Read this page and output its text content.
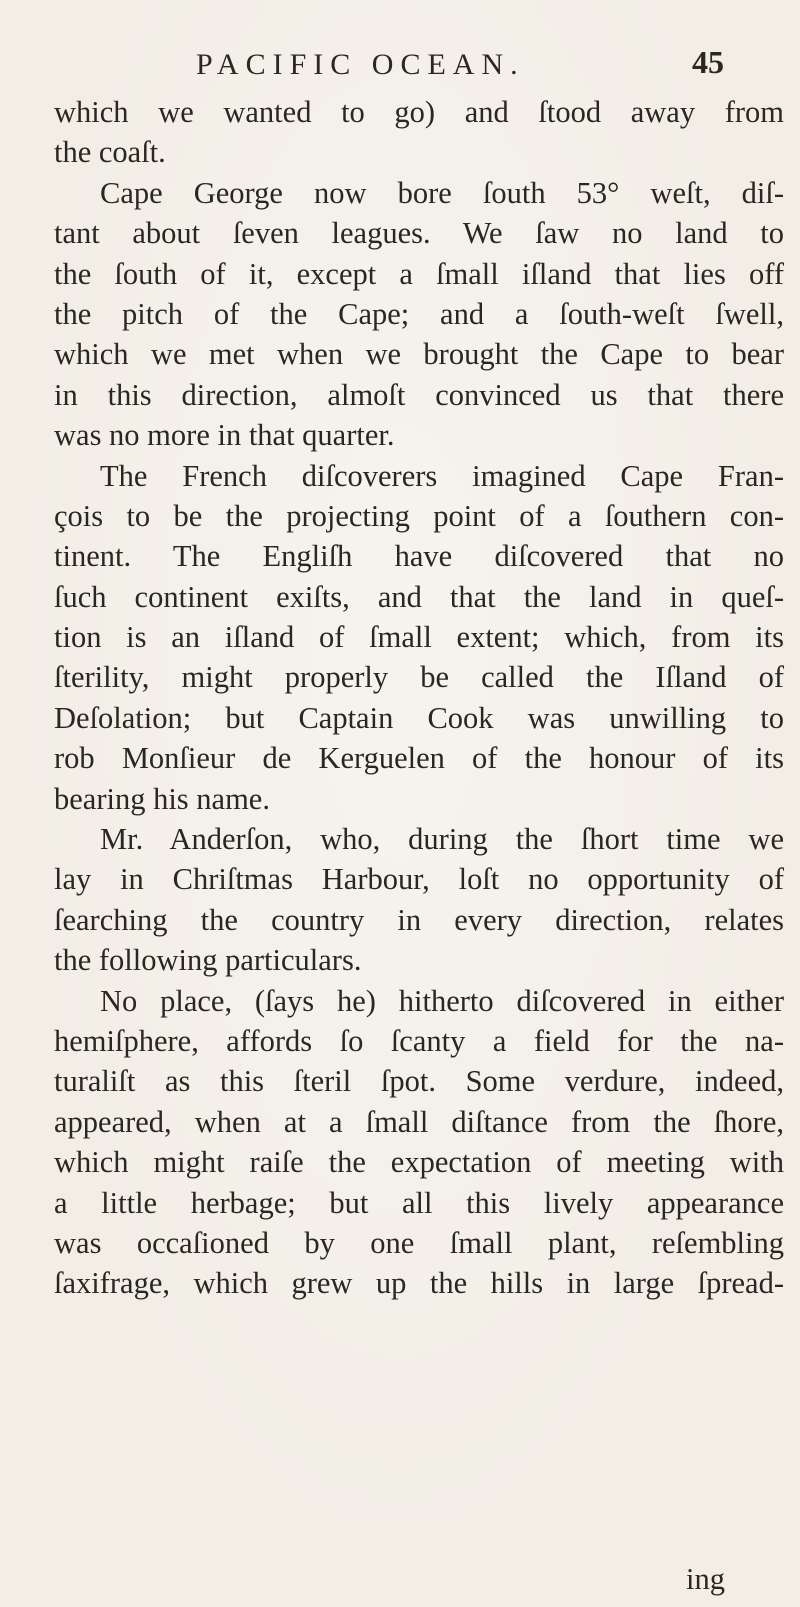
PACIFIC OCEAN.	45
which we wanted to go) and ſtood away from
the coaſt.
Cape George now bore ſouth 53° weſt, diſ-
tant about ſeven leagues. We ſaw no land to
the ſouth of it, except a ſmall iſland that lies off
the pitch of the Cape; and a ſouth-weſt ſwell,
which we met when we brought the Cape to bear
in this direction, almoſt convinced us that there
was no more in that quarter.
The French diſcoverers imagined Cape Fran-
çois to be the projecting point of a ſouthern con-
tinent. The Engliſh have diſcovered that no
ſuch continent exiſts, and that the land in queſ-
tion is an iſland of ſmall extent; which, from its
ſterility, might properly be called the Iſland of
Deſolation; but Captain Cook was unwilling to
rob Monſieur de Kerguelen of the honour of its
bearing his name.
Mr. Anderſon, who, during the ſhort time we
lay in Chriſtmas Harbour, loſt no opportunity of
ſearching the country in every direction, relates
the following particulars.
No place, (ſays he) hitherto diſcovered in either
hemiſphere, affords ſo ſcanty a field for the na-
turaliſt as this ſteril ſpot. Some verdure, indeed,
appeared, when at a ſmall diſtance from the ſhore,
which might raiſe the expectation of meeting with
a little herbage; but all this lively appearance
was occaſioned by one ſmall plant, reſembling
ſaxifrage, which grew up the hills in large ſpread-
ing
